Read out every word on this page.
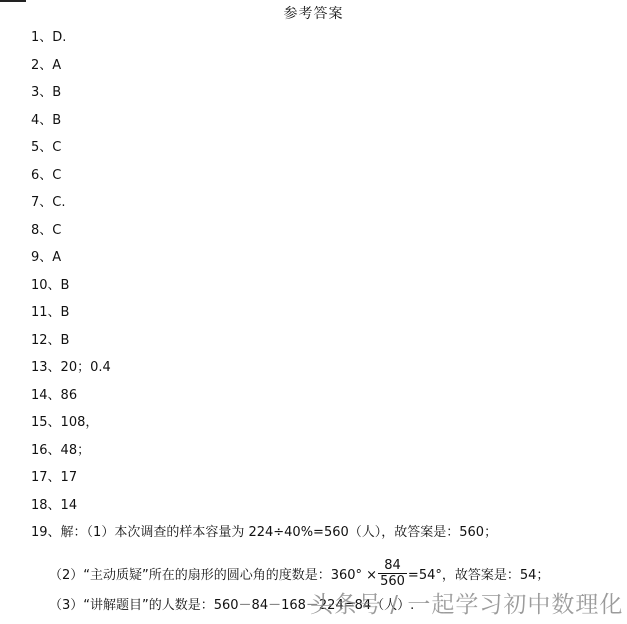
参考答案
1、D.
2、A
3、B
4、B
5、C
6、C
7、C.
8、C
9、A
10、B
11、B
12、B
13、20；0.4
14、86
15、108，
16、48；
17、17
18、14
19、解：（1）本次调查的样本容量为 224÷40%=560（人），故答案是：560；
（2）“主动质疑”所在的扇形的圆心角的度数是：$360^\circ \times \frac{84}{560} =54^\circ$，故答案是：54；
（3）“讲解题目”的人数是：560－84－168－224=84（人）.
头条号 / 一起学习初中数理化
